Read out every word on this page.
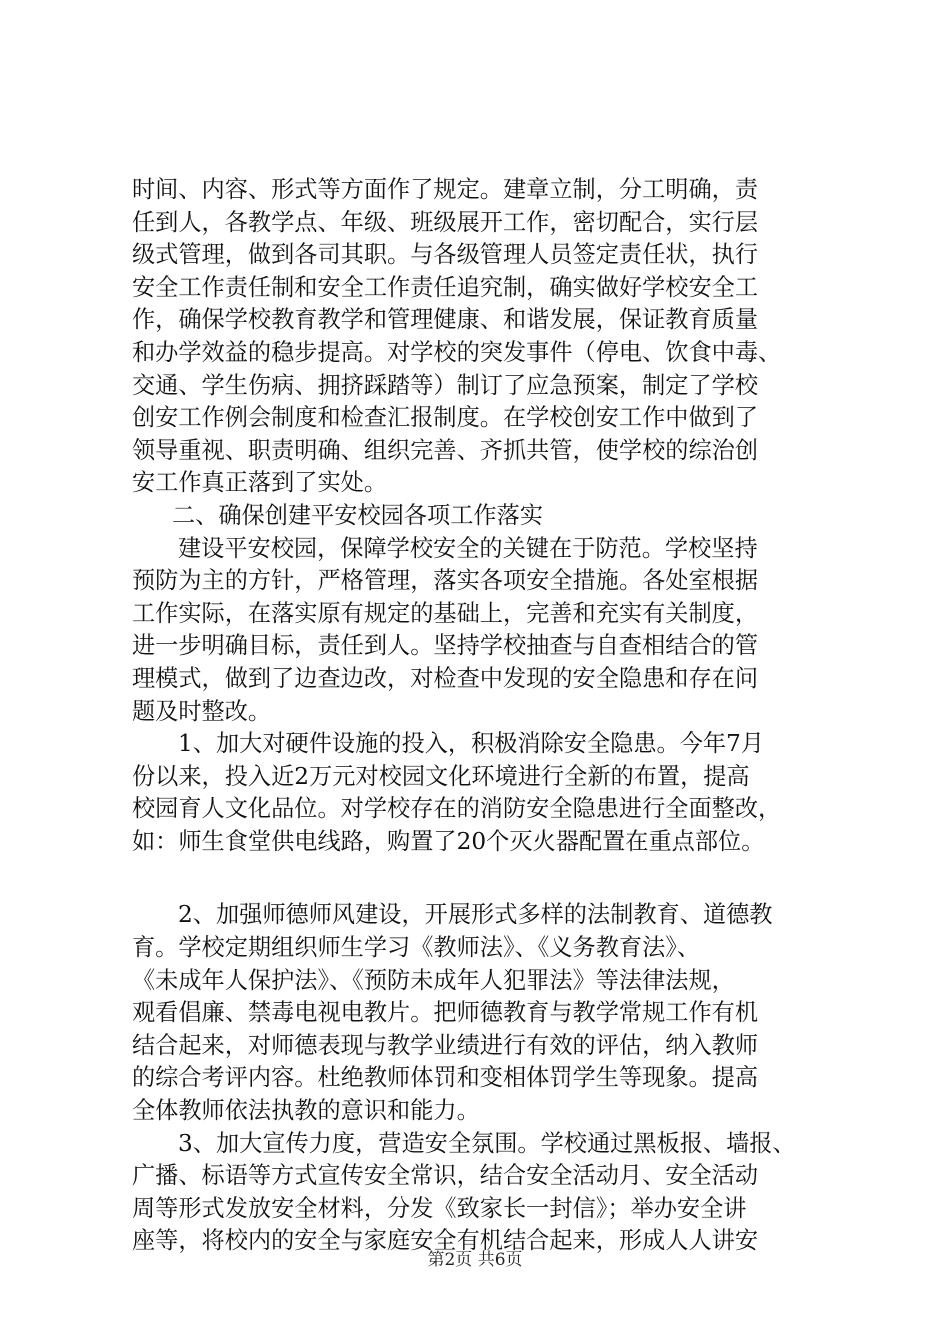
时间、内容、形式等方面作了规定。建章立制，分工明确，责
任到人，各教学点、年级、班级展开工作，密切配合，实行层
级式管理，做到各司其职。与各级管理人员签定责任状，执行
安全工作责任制和安全工作责任追究制，确实做好学校安全工
作，确保学校教育教学和管理健康、和谐发展，保证教育质量
和办学效益的稳步提高。对学校的突发事件（停电、饮食中毒、
交通、学生伤病、拥挤踩踏等）制订了应急预案，制定了学校
创安工作例会制度和检查汇报制度。在学校创安工作中做到了
领导重视、职责明确、组织完善、齐抓共管，使学校的综治创
安工作真正落到了实处。
二、确保创建平安校园各项工作落实
建设平安校园，保障学校安全的关键在于防范。学校坚持
预防为主的方针，严格管理，落实各项安全措施。各处室根据
工作实际，在落实原有规定的基础上，完善和充实有关制度，
进一步明确目标，责任到人。坚持学校抽查与自查相结合的管
理模式，做到了边查边改，对检查中发现的安全隐患和存在问
题及时整改。
1、加大对硬件设施的投入，积极消除安全隐患。今年7月
份以来，投入近2万元对校园文化环境进行全新的布置，提高
校园育人文化品位。对学校存在的消防安全隐患进行全面整改，
如：师生食堂供电线路，购置了20个灭火器配置在重点部位。
2、加强师德师风建设，开展形式多样的法制教育、道德教
育。学校定期组织师生学习《教师法》、《义务教育法》、
《未成年人保护法》、《预防未成年人犯罪法》等法律法规，
观看倡廉、禁毒电视电教片。把师德教育与教学常规工作有机
结合起来，对师德表现与教学业绩进行有效的评估，纳入教师
的综合考评内容。杜绝教师体罚和变相体罚学生等现象。提高
全体教师依法执教的意识和能力。
3、加大宣传力度，营造安全氛围。学校通过黑板报、墙报、
广播、标语等方式宣传安全常识，结合安全活动月、安全活动
周等形式发放安全材料，分发《致家长一封信》；举办安全讲
座等，将校内的安全与家庭安全有机结合起来，形成人人讲安
第2页 共6页
